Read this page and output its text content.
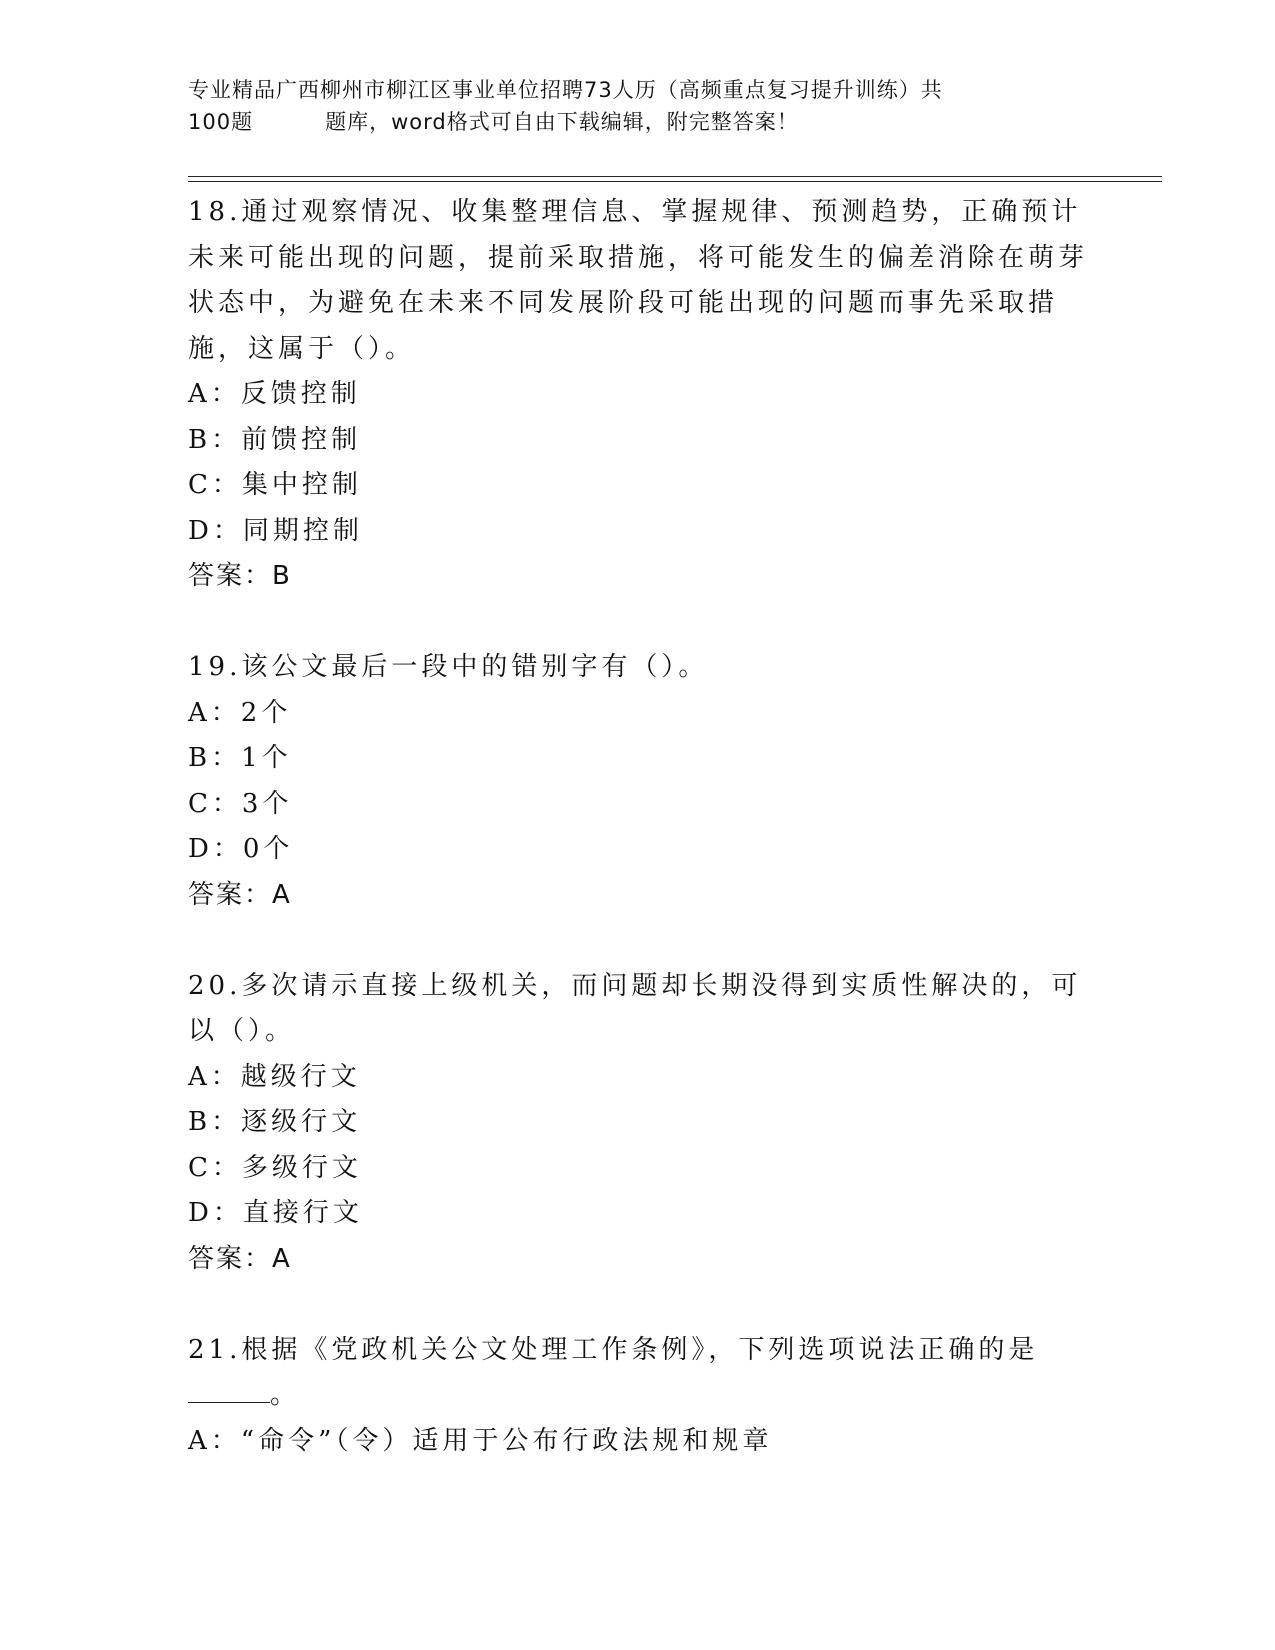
专业精品广西柳州市柳江区事业单位招聘73人历（高频重点复习提升训练）共
100题	题库，word格式可自由下载编辑，附完整答案！
18.通过观察情况、收集整理信息、掌握规律、预测趋势，正确预计未来可能出现的问题，提前采取措施，将可能发生的偏差消除在萌芽状态中，为避免在未来不同发展阶段可能出现的问题而事先采取措施，这属于（）。
A：反馈控制
B：前馈控制
C：集中控制
D：同期控制
答案：B
19.该公文最后一段中的错别字有（）。
A：2个
B：1个
C：3个
D：0个
答案：A
20.多次请示直接上级机关，而问题却长期没得到实质性解决的，可以（）。
A：越级行文
B：逐级行文
C：多级行文
D：直接行文
答案：A
21.根据《党政机关公文处理工作条例》，下列选项说法正确的是
。
A：“命令”（令）适用于公布行政法规和规章
